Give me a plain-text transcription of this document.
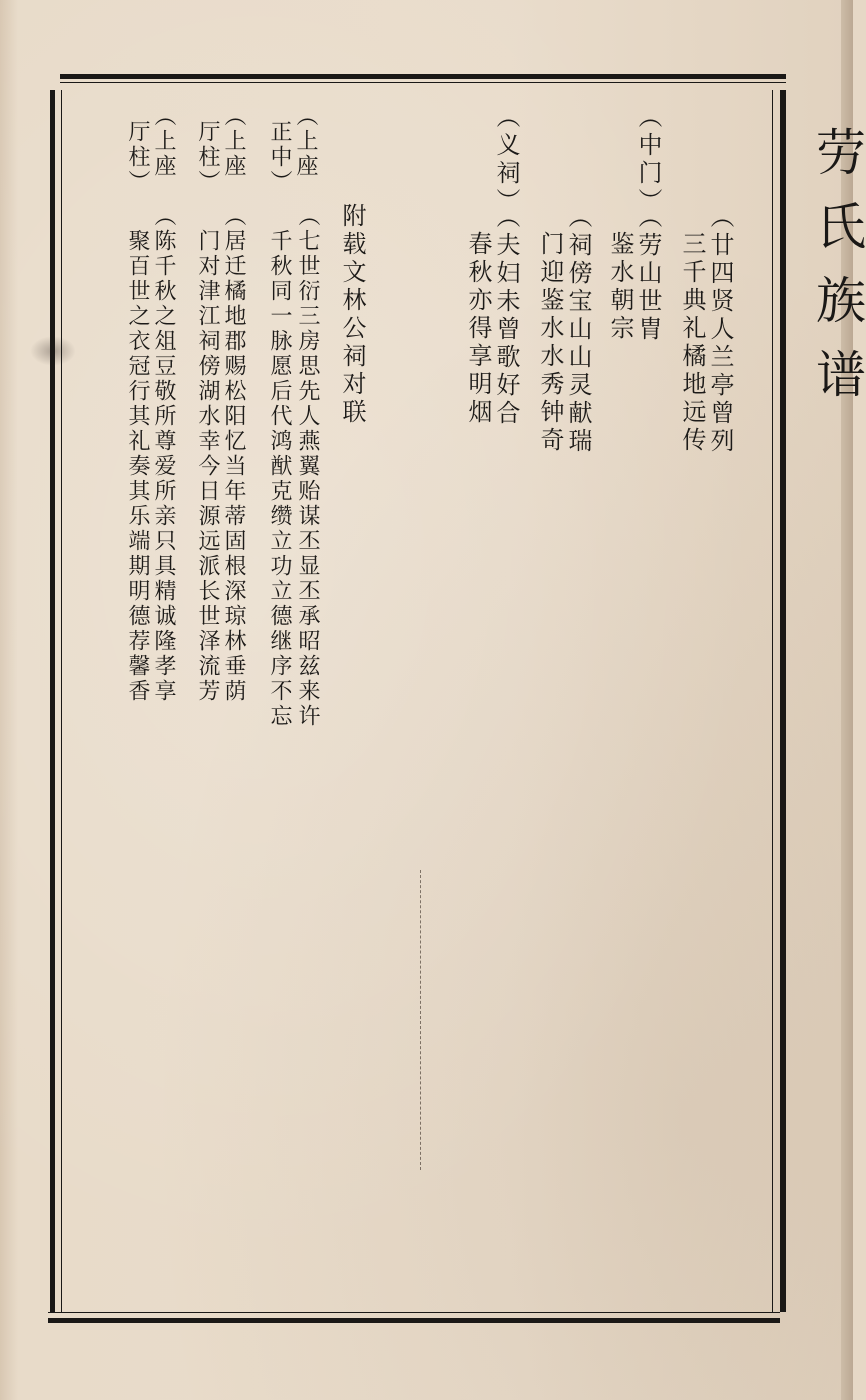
劳氏族谱
（廿四贤人兰亭曾列
三千典礼橘地远传
（中门）
（劳山世胄
鉴水朝宗
（祠傍宝山山灵献瑞
门迎鉴水水秀钟奇
（义祠）
（夫妇未曾歌好合
春秋亦得享明烟
附载文林公祠对联
（上座
正中）
（七世衍三房思先人燕翼贻谋丕显丕承昭兹来许
千秋同一脉愿后代鸿猷克缵立功立德继序不忘
（上座
厅柱）
（居迁橘地郡赐松阳忆当年蒂固根深琼林垂荫
门对津江祠傍湖水幸今日源远派长世泽流芳
（上座
厅柱）
（陈千秋之俎豆敬所尊爱所亲只具精诚隆孝享
聚百世之衣冠行其礼奏其乐端期明德荐馨香
